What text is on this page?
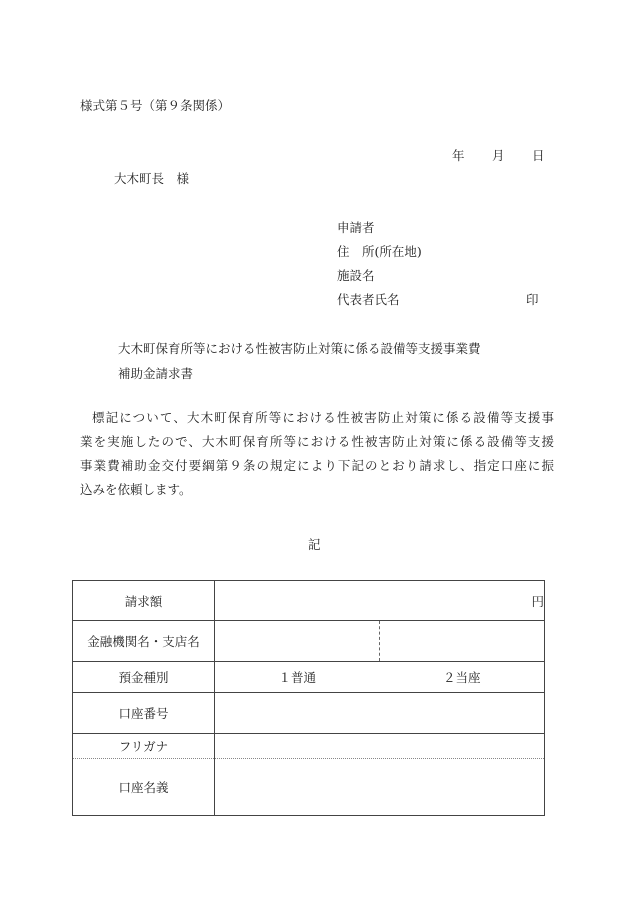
様式第５号（第９条関係）
年 月 日
大木町長　様
申請者
住　所(所在地)
施設名
代表者氏名	印
大木町保育所等における性被害防止対策に係る設備等支援事業費
補助金請求書
標記について、大木町保育所等における性被害防止対策に係る設備等支援事
業を実施したので、大木町保育所等における性被害防止対策に係る設備等支援
事業費補助金交付要綱第９条の規定により下記のとおり請求し、指定口座に振
込みを依頼します。
記
請求額	円
金融機関名・支店名	

預金種別	１普通 ２当座

口座番号	
フリガナ	
口座名義	
